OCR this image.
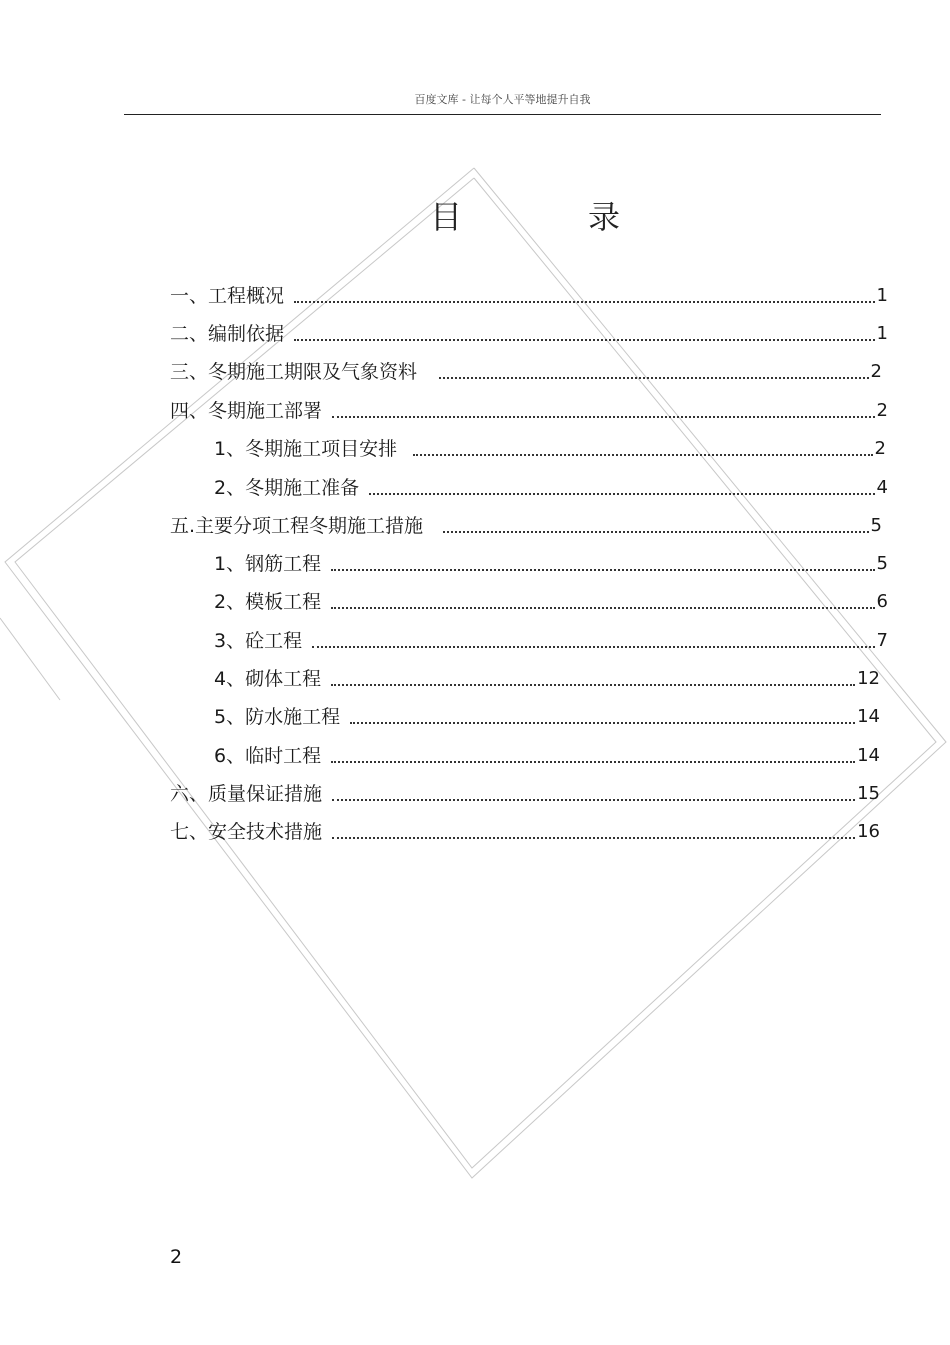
百度文库 - 让每个人平等地提升自我
目	录
一、工程概况	1
二、编制依据	1
三、冬期施工期限及气象资料	2
四、冬期施工部署	2
1、冬期施工项目安排	2
2、冬期施工准备	4
五.主要分项工程冬期施工措施	5
1、钢筋工程	5
2、模板工程	6
3、砼工程	7
4、砌体工程	12
5、防水施工程	14
6、临时工程	14
六、质量保证措施	15
七、安全技术措施	16
2
